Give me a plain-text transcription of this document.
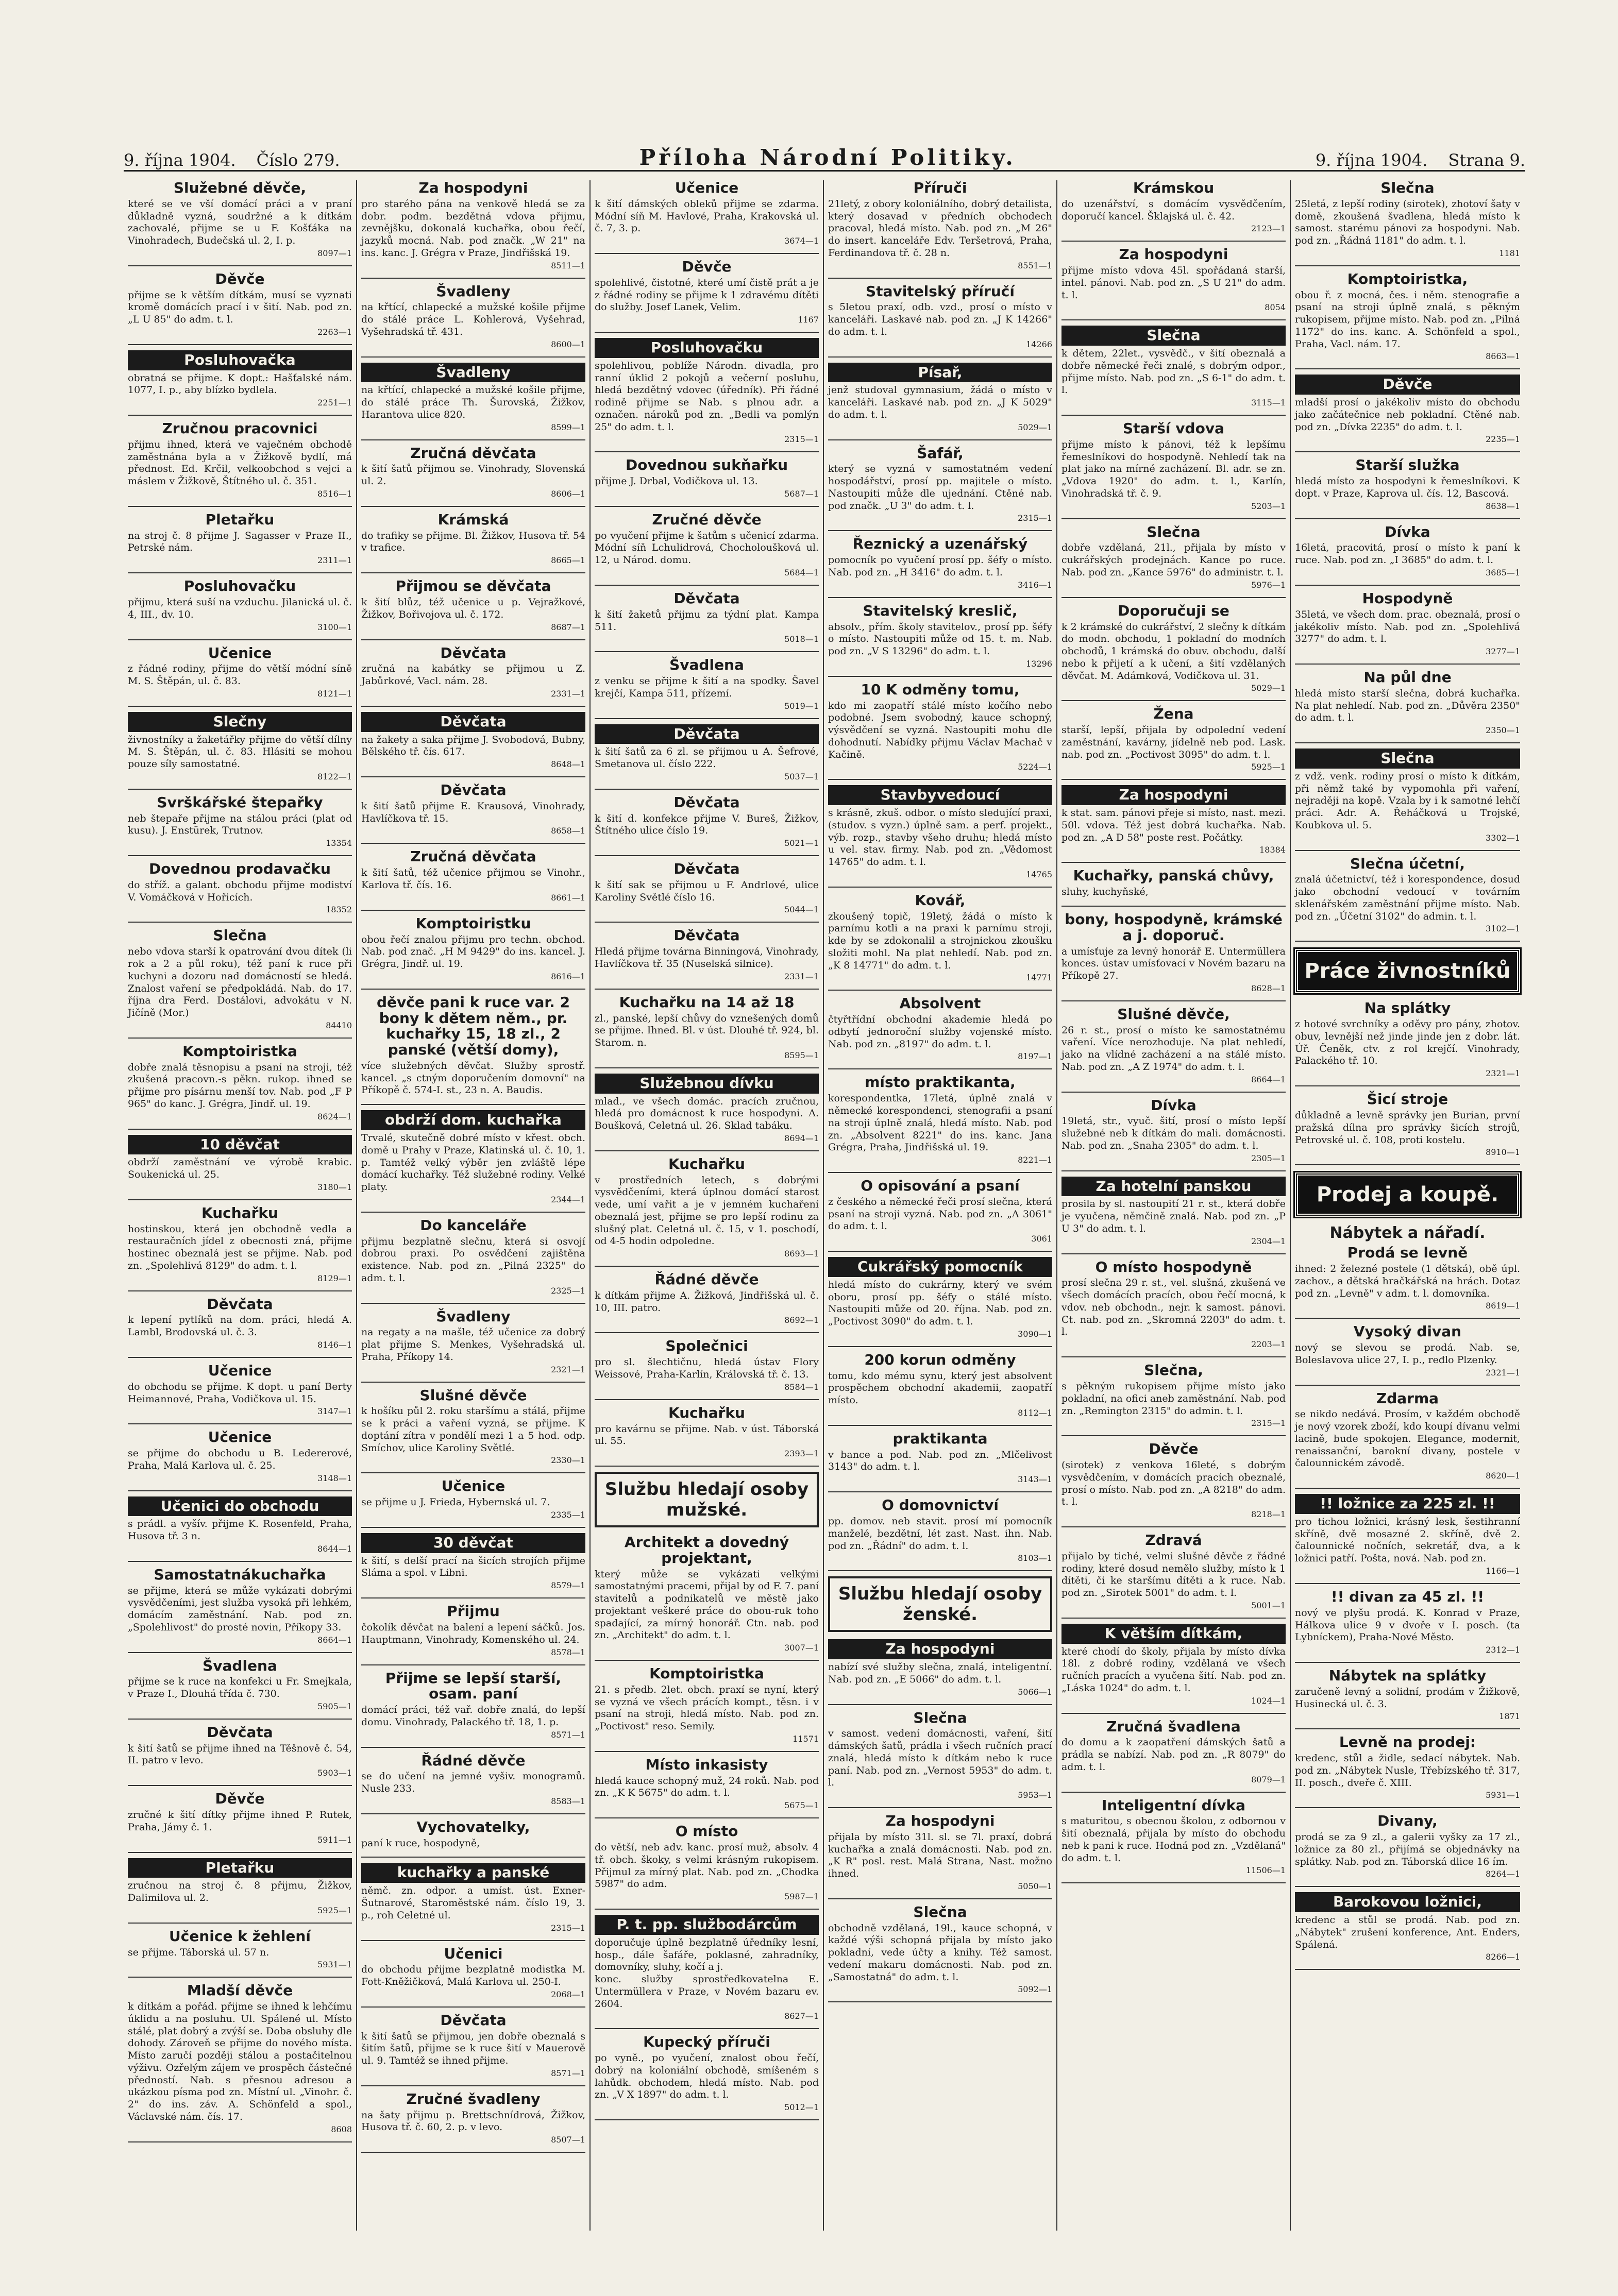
9. října 1904. Číslo 279.	Příloha Národní Politiky.	9. října 1904. Strana 9.
Služebné děvče,

které se ve vší domácí práci a v praní důkladně vyzná, soudržné a k dítkám zachovalé, přijme se u F. Košťáka na Vinohradech, Budečská ul. 2, I. p.

8097—1
Děvče

přijme se k větším dítkám, musí se vyznati kromě domácích prací i v šití. Nab. pod zn. „L U 85" do adm. t. l.

2263—1
Posluhovačka

obratná se přijme. K dopt.: Hašťalské nám. 1077, I. p., aby blízko bydlela.

2251—1
Zručnou pracovnici

přijmu ihned, která ve vaječném obchodě zaměstnána byla a v Žižkově bydlí, má přednost. Ed. Krčil, velkoobchod s vejci a máslem v Žižkově, Štítného ul. č. 351.

8516—1
Pletařku

na stroj č. 8 přijme J. Sagasser v Praze II., Petrské nám.

2311—1
Posluhovačku

přijmu, která suší na vzduchu. Jilanická ul. č. 4, III., dv. 10.

3100—1
Učenice

z řádné rodiny, přijme do větší módní síně M. S. Štěpán, ul. č. 83.

8121—1
Slečny

živnostníky a žaketářky přijme do větší dílny M. S. Štěpán, ul. č. 83. Hlásiti se mohou pouze síly samostatné.

8122—1
Svrškářské štepařky

neb štepaře přijme na stálou práci (plat od kusu). J. Enstürek, Trutnov.

13354
Dovednou prodavačku

do stříž. a galant. obchodu přijme modiství V. Vomáčková v Hořicích.

18352
Slečna

nebo vdova starší k opatrování dvou dítek (li rok a 2 a půl roku), též paní k ruce při kuchyni a dozoru nad domácností se hledá. Znalost vaření se předpokládá. Nab. do 17. října dra Ferd. Dostálovi, advokátu v N. Jičíně (Mor.)

84410
Komptoiristka

dobře znalá těsnopisu a psaní na stroji, též zkušená pracovn.-s pěkn. rukop. ihned se přijme pro písárnu menší tov. Nab. pod „F P 965" do kanc. J. Grégra, Jindř. ul. 19.

8624—1
10 děvčat

obdrží zaměstnání ve výrobě krabic. Soukenická ul. 25.

3180—1
Kuchařku

hostinskou, která jen obchodně vedla a restauračních jídel z obecnosti zná, přijme hostinec obeznalá jest se přijme. Nab. pod zn. „Spolehlivá 8129" do adm. t. l.

8129—1
Děvčata

k lepení pytlíků na dom. práci, hledá A. Lambl, Brodovská ul. č. 3.

8146—1
Učenice

do obchodu se přijme. K dopt. u paní Berty Heimannové, Praha, Vodičkova ul. 15.

3147—1
Učenice

se přijme do obchodu u B. Ledererové, Praha, Malá Karlova ul. č. 25.

3148—1
Učenici do obchodu

s prádl. a vyšív. přijme K. Rosenfeld, Praha, Husova tř. 3 n.

8644—1
Samostatnákuchařka

se přijme, která se může vykázati dobrými vysvědčeními, jest služba vysoká při lehkém, domácím zaměstnání. Nab. pod zn. „Spolehlivost" do prosté novin, Příkopy 33.

8664—1
Švadlena

přijme se k ruce na konfekci u Fr. Smejkala, v Praze I., Dlouhá třída č. 730.

5905—1
Děvčata

k šití šatů se přijme ihned na Těšnově č. 54, II. patro v levo.

5903—1
Děvče

zručné k šití dítky přijme ihned P. Rutek, Praha, Jámy č. 1.

5911—1
Pletařku

zručnou na stroj č. 8 přijmu, Žižkov, Dalimilova ul. 2.

5925—1
Učenice k žehlení

se přijme. Táborská ul. 57 n.

5931—1
Mladší děvče

k dítkám a pořád. přijme se ihned k lehčímu úklidu a na posluhu. Ul. Spálené ul. Místo stálé, plat dobrý a zvýší se. Doba obsluhy dle dohody. Zároveň se přijme do nového místa. Místo zaručí později stálou a postačitelnou výživu. Ozřelým zájem ve prospěch částečné předností. Nab. s přesnou adresou a ukázkou písma pod zn. Místní ul. „Vinohr. č. 2" do ins. záv. A. Schönfeld a spol., Václavské nám. čís. 17.

8608
Za hospodyni

pro starého pána na venkově hledá se za dobr. podm. bezdětná vdova přijmu, zevnějšku, dokonalá kuchařka, obou řečí, jazyků mocná. Nab. pod značk. „W 21" na ins. kanc. J. Grégra v Praze, Jindřišská 19.

8511—1
Švadleny

na křtící, chlapecké a mužské košile přijme do stálé práce L. Kohlerová, Vyšehrad, Vyšehradská tř. 431.

8600—1
Švadleny

na křtící, chlapecké a mužské košile přijme, do stálé práce Th. Šurovská, Žižkov, Harantova ulice 820.

8599—1
Zručná děvčata

k šití šatů přijmou se. Vinohrady, Slovenská ul. 2.

8606—1
Krámská

do trafiky se přijme. Bl. Žižkov, Husova tř. 54 v trafice.

8665—1
Přijmou se děvčata

k šití blůz, též učenice u p. Vejražkové, Žižkov, Bořivojova ul. č. 172.

8687—1
Děvčata

zručná na kabátky se přijmou u Z. Jabůrkové, Vacl. nám. 28.

2331—1
Děvčata

na žakety a saka přijme J. Svobodová, Bubny, Bělského tř. čís. 617.

8648—1
Děvčata

k šití šatů přijme E. Krausová, Vinohrady, Havlíčkova tř. 15.

8658—1
Zručná děvčata

k šití šatů, též učenice přijmou se Vinohr., Karlova tř. čís. 16.

8661—1
Komptoiristku

obou řečí znalou přijmu pro techn. obchod. Nab. pod znač. „H M 9429" do ins. kancel. J. Grégra, Jindř. ul. 19.

8616—1
děvče pani k ruce var. 2 bony k dětem něm., pr. kuchařky 15, 18 zl., 2 panské (větší domy),

více služebných děvčat. Služby sprostř. kancel. „s ctným doporučením domovní" na Příkopě č. 574-I. st., 23 n. A. Baudis.

obdrží dom. kuchařka

Trvalé, skutečně dobré místo v křest. obch. domě u Prahy v Praze, Klatinská ul. č. 10, 1. p. Tamtéž velký výběr jen zvláště lépe domácí kuchařky. Též služebné rodiny. Velké platy.

2344—1
Do kanceláře

přijmu bezplatně slečnu, která si osvojí dobrou praxi. Po osvědčení zajištěna existence. Nab. pod zn. „Pilná 2325" do adm. t. l.

2325—1
Švadleny

na regaty a na mašle, též učenice za dobrý plat přijme S. Menkes, Vyšehradská ul. Praha, Příkopy 14.

2321—1
Slušné děvče

k hošíku půl 2. roku staršímu a stálá, přijme se k práci a vaření vyzná, se přijme. K doptání zítra v pondělí mezi 1 a 5 hod. odp. Smíchov, ulice Karoliny Světlé.

2330—1
Učenice

se přijme u J. Frieda, Hybernská ul. 7.

2335—1
30 děvčat

k šití, s delší prací na šicích strojích přijme Sláma a spol. v Libni.

8579—1
Přijmu

čokolík děvčat na balení a lepení sáčků. Jos. Hauptmann, Vinohrady, Komenského ul. 24.

8578—1
Přijme se lepší starší, osam. paní

domácí práci, též vař. dobře znalá, do lepší domu. Vinohrady, Palackého tř. 18, 1. p.

8571—1
Řádné děvče

se do učení na jemné vyšiv. monogramů. Nusle 233.

8583—1
Vychovatelky,

paní k ruce, hospodyně,

kuchařky a panské

němč. zn. odpor. a umíst. úst. Exner-Šutnarové, Staroměstské nám. číslo 19, 3. p., roh Celetné ul.

2315—1
Učenici

do obchodu přijme bezplatně modistka M. Fott-Kněžičková, Malá Karlova ul. 250-I.

2068—1
Děvčata

k šití šatů se přijmou, jen dobře obeznalá s šitím šatů, přijme se k ruce šití v Mauerově ul. 9. Tamtéž se ihned přijme.

8571—1
Zručné švadleny

na šaty přijmu p. Brettschnídrová, Žižkov, Husova tř. č. 60, 2. p. v levo.

8507—1
Učenice

k šití dámských obleků přijme se zdarma. Módní síň M. Havlové, Praha, Krakovská ul. č. 7, 3. p.

3674—1
Děvče

spolehlivé, čistotné, které umí čistě prát a je z řádné rodiny se přijme k 1 zdravému dítěti do služby. Josef Lanek, Velim.

1167
Posluhovačku

spolehlivou, poblíže Národn. divadla, pro ranní úklid 2 pokojů a večerní posluhu, hledá bezdětný vdovec (úředník). Při řádné rodině přijme se Nab. s plnou adr. a označen. nároků pod zn. „Bedli va pomlýn 25" do adm. t. l.

2315—1
Dovednou sukňařku

přijme J. Drbal, Vodičkova ul. 13.

5687—1
Zručné děvče

po vyučení přijme k šatům s učenicí zdarma. Módní síň Lchulidrová, Chocholoušková ul. 12, u Národ. domu.

5684—1
Děvčata

k šití žaketů přijmu za týdní plat. Kampa 511.

5018—1
Švadlena

z venku se přijme k šití a na spodky. Šavel krejčí, Kampa 511, přízemí.

5019—1
Děvčata

k šití šatů za 6 zl. se přijmou u A. Šefrové, Smetanova ul. číslo 222.

5037—1
Děvčata

k šití d. konfekce přijme V. Bureš, Žižkov, Štítného ulice číslo 19.

5021—1
Děvčata

k šití sak se přijmou u F. Andrlové, ulice Karoliny Světlé číslo 16.

5044—1
Děvčata

Hledá přijme továrna Binningová, Vinohrady, Havlíčkova tř. 35 (Nuselská silnice).

2331—1
Kuchařku na 14 až 18

zl., panské, lepší chůvy do vznešených domů se přijme. Ihned. Bl. v úst. Dlouhé tř. 924, bl. Starom. n.

8595—1
Služebnou dívku

mlad., ve všech domác. pracích zručnou, hledá pro domácnost k ruce hospodyni. A. Boušková, Celetná ul. 26. Sklad tabáku.

8694—1
Kuchařku

v prostředních letech, s dobrými vysvědčeními, která úplnou domácí starost vede, umí vařit a je v jemném kuchaření obeznalá jest, přijme se pro lepší rodinu za slušný plat. Celetná ul. č. 15, v 1. poschodí, od 4-5 hodin odpoledne.

8693—1
Řádné děvče

k dítkám přijme A. Žižková, Jindřišská ul. č. 10, III. patro.

8692—1
Společnici

pro sl. šlechtičnu, hledá ústav Flory Weissové, Praha-Karlín, Královská tř. č. 13.

8584—1
Kuchařku

pro kavárnu se přijme. Nab. v úst. Táborská ul. 55.

2393—1
Službu hledají osoby mužské.
Architekt a dovedný projektant,

který může se vykázati velkými samostatnými pracemi, přijal by od F. 7. paní stavitelů a podnikatelů ve městě jako projektant veškeré práce do obou-ruk toho spadající, za mírný honorář. Ctn. nab. pod zn. „Architekt" do adm. t. l.

3007—1
Komptoiristka

21. s předb. 2let. obch. praxí se nyní, který se vyzná ve všech prácích kompt., těsn. i v psaní na stroji, hledá místo. Nab. pod zn. „Poctivost" reso. Semily.

11571
Místo inkasisty

hledá kauce schopný muž, 24 roků. Nab. pod zn. „K K 5675" do adm. t. l.

5675—1
O místo

do větší, neb adv. kanc. prosí muž, absolv. 4 tř. obch. škoky, s velmi krásným rukopisem. Přijmul za mírný plat. Nab. pod zn. „Chodka 5987" do adm.

5987—1
P. t. pp. službodárcům

doporučuje úplně bezplatně úředníky lesní, hosp., dále šafáře, poklasné, zahradníky, domovníky, sluhy, kočí a j.

konc. služby sprostředkovatelna E. Untermüllera v Praze, v Novém bazaru ev. 2604.

8627—1
Kupecký příruči

po vyně., po vyučení, znalost obou řečí, dobrý na koloniální obchodě, smíšeném s lahůdk. obchodem, hledá místo. Nab. pod zn. „V X 1897" do adm. t. l.

5012—1
Příruči

21letý, z obory koloniálního, dobrý detailista, který dosavad v předních obchodech pracoval, hledá místo. Nab. pod zn. „M 26" do insert. kanceláře Edv. Teršetrová, Praha, Ferdinandova tř. č. 28 n.

8551—1
Stavitelský příručí

s 5letou praxí, odb. vzd., prosí o místo v kanceláři. Laskavé nab. pod zn. „J K 14266" do adm. t. l.

14266
Písař,

jenž studoval gymnasium, žádá o místo v kanceláři. Laskavé nab. pod zn. „J K 5029" do adm. t. l.

5029—1
Šafář,

který se vyzná v samostatném vedení hospodářství, prosí pp. majitele o místo. Nastoupiti může dle ujednání. Ctěné nab. pod značk. „U 3" do adm. t. l.

2315—1
Řeznický a uzenářský

pomocník po vyučení prosí pp. šéfy o místo. Nab. pod zn. „H 3416" do adm. t. l.

3416—1
Stavitelský kreslič,

absolv., přím. školy stavitelov., prosí pp. šéfy o místo. Nastoupiti může od 15. t. m. Nab. pod zn. „V S 13296" do adm. t. l.

13296
10 K odměny tomu,

kdo mi zaopatří stálé místo kočího nebo podobné. Jsem svobodný, kauce schopný, výsvědčení se vyzná. Nastoupiti mohu dle dohodnutí. Nabídky přijmu Václav Machač v Kačině.

5224—1
Stavbyvedoucí

s krásně, zkuš. odbor. o místo sledující praxi, (studov. s vyzn.) úplně sam. a perf. projekt., výb. rozp., stavby všeho druhu; hledá místo u vel. stav. firmy. Nab. pod zn. „Vědomost 14765" do adm. t. l.

14765
Kovář,

zkoušený topič, 19letý, žádá o místo k parnímu kotli a na praxi k parnímu stroji, kde by se zdokonalil a strojnickou zkoušku složiti mohl. Na plat nehledí. Nab. pod zn. „K 8 14771" do adm. t. l.

14771
Absolvent

čtyřtřídní obchodní akademie hledá po odbytí jednoroční služby vojenské místo. Nab. pod zn. „8197" do adm. t. l.

8197—1
místo praktikanta,

korespondentka, 17letá, úplně znalá v německé korespondenci, stenografii a psaní na stroji úplně znalá, hledá místo. Nab. pod zn. „Absolvent 8221" do ins. kanc. Jana Grégra, Praha, Jindřišská ul. 19.

8221—1
O opisování a psaní

z českého a německé řeči prosí slečna, která psaní na stroji vyzná. Nab. pod zn. „A 3061" do adm. t. l.

3061
Cukrářský pomocník

hledá místo do cukrárny, který ve svém oboru, prosí pp. šéfy o stálé místo. Nastoupiti může od 20. října. Nab. pod zn. „Poctivost 3090" do adm. t. l.

3090—1
200 korun odměny

tomu, kdo mému synu, který jest absolvent prospěchem obchodní akademii, zaopatří místo.

8112—1
praktikanta

v bance a pod. Nab. pod zn. „Mlčelivost 3143" do adm. t. l.

3143—1
O domovnictví

pp. domov. neb stavit. prosí mí pomocník manželé, bezdětní, lét zast. Nast. ihn. Nab. pod zn. „Řádní" do adm. t. l.

8103—1
Službu hledají osoby ženské.
Za hospodyni

nabízí své služby slečna, znalá, inteligentní. Nab. pod zn. „E 5066" do adm. t. l.

5066—1
Slečna

v samost. vedení domácnosti, vaření, šití dámských šatů, prádla i všech ručních prací znalá, hledá místo k dítkám nebo k ruce paní. Nab. pod zn. „Vernost 5953" do adm. t. l.

5953—1
Za hospodyni

přijala by místo 31l. sl. se 7l. praxí, dobrá kuchařka a znalá domácnosti. Nab. pod zn. „K R" posl. rest. Malá Strana, Nast. možno ihned.

5050—1
Slečna

obchodně vzdělaná, 19l., kauce schopná, v každé výši schopná přijala by místo jako pokladní, vede účty a knihy. Též samost. vedení makaru domácnosti. Nab. pod zn. „Samostatná" do adm. t. l.

5092—1
Krámskou

do uzenářství, s domácím vysvědčením, doporučí kancel. Šklajská ul. č. 42.

2123—1
Za hospodyni

přijme místo vdova 45l. spořádaná starší, intel. pánovi. Nab. pod zn. „S U 21" do adm. t. l.

8054
Slečna

k dětem, 22let., vysvědč., v šití obeznalá a dobře německé řeči znalé, s dobrým odpor., přijme místo. Nab. pod zn. „S 6-1" do adm. t. l.

3115—1
Starší vdova

přijme místo k pánovi, též k lepšímu řemeslníkovi do hospodyně. Nehledí tak na plat jako na mírné zacházení. Bl. adr. se zn. „Vdova 1920" do adm. t. l., Karlín, Vinohradská tř. č. 9.

5203—1
Slečna

dobře vzdělaná, 21l., přijala by místo v cukrářských prodejnách. Kance po ruce. Nab. pod zn. „Kance 5976" do administr. t. l.

5976—1
Doporučuji se

k 2 krámské do cukrářství, 2 slečny k dítkám do modn. obchodu, 1 pokladní do modních obchodů, 1 krámská do obuv. obchodu, další nebo k přijetí a k učení, a šití vzdělaných děvčat. M. Adámková, Vodičkova ul. 31.

5029—1
Žena

starší, lepší, přijala by odpolední vedení zaměstnání, kavárny, jídelně neb pod. Lask. nab. pod zn. „Poctivost 3095" do adm. t. l.

5925—1
Za hospodyni

k stat. sam. pánovi přeje si místo, nast. mezi. 50l. vdova. Též jest dobrá kuchařka. Nab. pod zn. „A D 58" poste rest. Počátky.

18384
Kuchařky, panská chůvy,

sluhy, kuchyňské,

bony, hospodyně, krámské a j. doporuč.

a umísťuje za levný honorář E. Untermüllera konces. ústav umísťovací v Novém bazaru na Příkopě 27.

8628—1
Slušné děvče,

26 r. st., prosí o místo ke samostatnému vaření. Více nerozhoduje. Na plat nehledí, jako na vlídné zacházení a na stálé místo. Nab. pod zn. „A Z 1974" do adm. t. l.

8664—1
Dívka

19letá, str., vyuč. šití, prosí o místo lepší služebné neb k dítkám do mali. domácnosti. Nab. pod zn. „Snaha 2305" do adm. t. l.

2305—1
Za hotelní panskou

prosila by sl. nastoupití 21 r. st., která dobře je vyučena, němčině znalá. Nab. pod zn. „P U 3" do adm. t. l.

2304—1
O místo hospodyně

prosí slečna 29 r. st., vel. slušná, zkušená ve všech domácích pracích, obou řečí mocná, k vdov. neb obchodn., nejr. k samost. pánovi. Ct. nab. pod zn. „Skromná 2203" do adm. t. l.

2203—1
Slečna,

s pěkným rukopisem přijme místo jako pokladní, na ofici aneb zaměstnání. Nab. pod zn. „Remington 2315" do admin. t. l.

2315—1
Děvče

(sirotek) z venkova 16leté, s dobrým vysvědčením, v domácích pracích obeznalé, prosí o místo. Nab. pod zn. „A 8218" do adm. t. l.

8218—1
Zdravá

přijalo by tiché, velmi slušné děvče z řádné rodiny, které dosud nemělo služby, místo k 1 dítěti, či ke staršímu dítěti a k ruce. Nab. pod zn. „Sirotek 5001" do adm. t. l.

5001—1
K větším dítkám,

které chodí do školy, přijala by místo dívka 18l. z dobré rodiny, vzdělaná ve všech ručních pracích a vyučena šití. Nab. pod zn. „Láska 1024" do adm. t. l.

1024—1
Zručná švadlena

do domu a k zaopatření dámských šatů a prádla se nabízí. Nab. pod zn. „R 8079" do adm. t. l.

8079—1
Inteligentní dívka

s maturitou, s obecnou školou, z odbornou v šití obeznalá, přijala by místo do obchodu neb k pani k ruce. Hodná pod zn. „Vzdělaná" do adm. t. l.

11506—1
Slečna

25letá, z lepší rodiny (sirotek), zhotoví šaty v domě, zkoušená švadlena, hledá místo k samost. starému pánovi za hospodyni. Nab. pod zn. „Řádná 1181" do adm. t. l.

1181
Komptoiristka,

obou ř. z mocná, čes. i něm. stenografie a psaní na stroji úplně znalá, s pěkným rukopisem, přijme místo. Nab. pod zn. „Pilná 1172" do ins. kanc. A. Schönfeld a spol., Praha, Vacl. nám. 17.

8663—1
Děvče

mladší prosí o jakékoliv místo do obchodu jako začátečnice neb pokladní. Ctěné nab. pod zn. „Dívka 2235" do adm. t. l.

2235—1
Starší služka

hledá místo za hospodyni k řemeslníkovi. K dopt. v Praze, Kaprova ul. čís. 12, Bascová.

8638—1
Dívka

16letá, pracovitá, prosí o místo k paní k ruce. Nab. pod zn. „I 3685" do adm. t. l.

3685—1
Hospodyně

35letá, ve všech dom. prac. obeznalá, prosí o jakékoliv místo. Nab. pod zn. „Spolehlivá 3277" do adm. t. l.

3277—1
Na půl dne

hledá místo starší slečna, dobrá kuchařka. Na plat nehledí. Nab. pod zn. „Důvěra 2350" do adm. t. l.

2350—1
Slečna

z vdž. venk. rodiny prosí o místo k dítkám, při němž také by vypomohla při vaření, nejraději na kopě. Vzala by i k samotné lehčí práci. Adr. A. Řeháčková u Trojské, Koubkova ul. 5.

3302—1
Slečna účetní,

znalá účetnictví, též i korespondence, dosud jako obchodní vedoucí v továrním sklenářském zaměstnání přijme místo. Nab. pod zn. „Účetní 3102" do admin. t. l.

3102—1
Práce živnostníků
Na splátky

z hotové svrchníky a oděvy pro pány, zhotov. obuv, levnější než jinde jinde jen z dobr. lát. Úř. Čeněk, ctv. z rol krejčí. Vinohrady, Palackého tř. 10.

2321—1
Šicí stroje

důkladně a levně správky jen Burian, první pražská dílna pro správky šicích strojů, Petrovské ul. č. 108, proti kostelu.

8910—1
Prodej a koupě.
Nábytek a nářadí.
Prodá se levně

ihned: 2 železné postele (1 dětská), obě úpl. zachov., a dětská hračkářská na hrách. Dotaz pod zn. „Levně" v adm. t. l. domovníka.

8619—1
Vysoký divan

nový se slevou se prodá. Nab. se, Boleslavova ulice 27, I. p., ređlo Plzenky.

2321—1
Zdarma

se nikdo nedává. Prosím, v každém obchodě je nový vzorek zboží, kdo koupí dívanu velmi lacině, bude spokojen. Elegance, modernit, renaissanční, barokní divany, postele v čalounnickém závodě.

8620—1
!! ložnice za 225 zl. !!

pro tichou ložnici, krásný lesk, šestihranní skříně, dvě mosazné 2. skříně, dvě 2. čalounnické nočních, sekretář, dva, a k ložnici patří. Pošta, nová. Nab. pod zn.

1166—1
!! divan za 45 zl. !!

nový ve plyšu prodá. K. Konrad v Praze, Hálkova ulice 9 v dvoře v I. posch. (ta Lybníckem), Praha-Nové Město.

2312—1
Nábytek na splátky

zaručeně levný a solidní, prodám v Žižkově, Husinecká ul. č. 3.

1871
Levně na prodej:

kredenc, stůl a židle, sedací nábytek. Nab. pod zn. „Nábytek Nusle, Třebízského tř. 317, II. posch., dveře č. XIII.

5931—1
Divany,

prodá se za 9 zl., a galerii vyšky za 17 zl., ložnice za 80 zl., přijímá se objednávky na splátky. Nab. pod zn. Táborská dlice 16 ím.

8264—1
Barokovou ložnici,

kredenc a stůl se prodá. Nab. pod zn. „Nábytek" zrušení konference, Ant. Enders, Spálená.

8266—1
